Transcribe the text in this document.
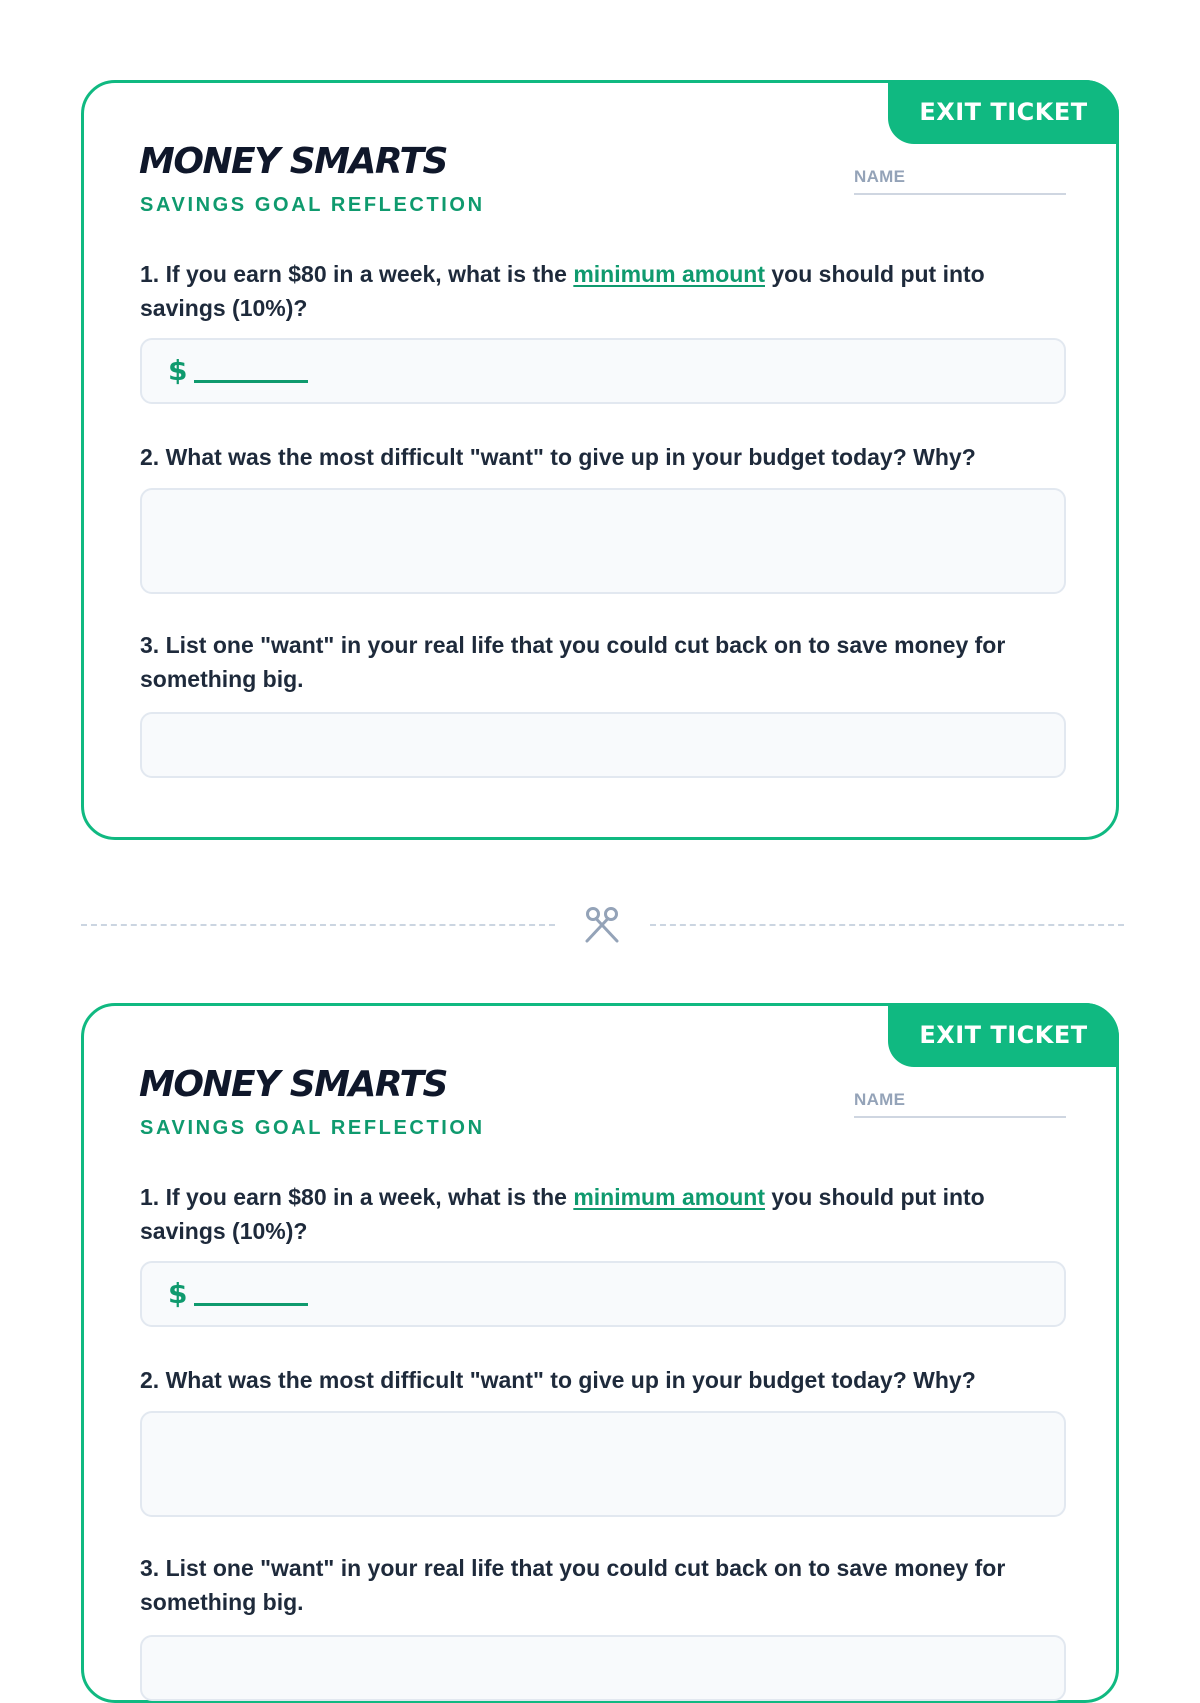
EXIT TICKET
MONEY SMARTS
SAVINGS GOAL REFLECTION
NAME
1. If you earn $80 in a week, what is the minimum amount you should put into savings (10%)?
$
2. What was the most difficult "want" to give up in your budget today? Why?
3. List one "want" in your real life that you could cut back on to save money for something big.
EXIT TICKET
MONEY SMARTS
SAVINGS GOAL REFLECTION
NAME
1. If you earn $80 in a week, what is the minimum amount you should put into savings (10%)?
$
2. What was the most difficult "want" to give up in your budget today? Why?
3. List one "want" in your real life that you could cut back on to save money for something big.
